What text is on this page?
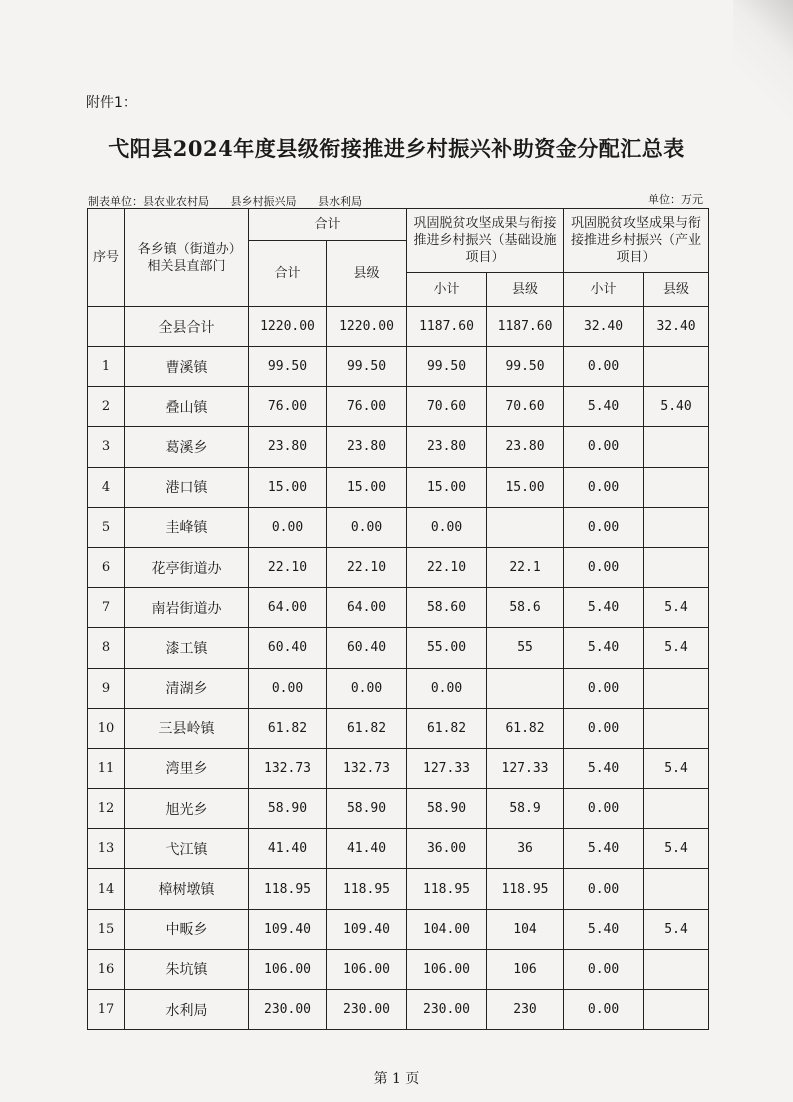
附件1：
弋阳县2024年度县级衔接推进乡村振兴补助资金分配汇总表
制表单位：县农业农村局 县乡村振兴局 县水利局	单位：万元
序号	各乡镇（街道办）相关县直部门	合计		巩固脱贫攻坚成果与衔接推进乡村振兴（基础设施项目）		巩固脱贫攻坚成果与衔接推进乡村振兴（产业项目）	
		合计	县级				
				小计	县级	小计	县级
	全县合计	1220.00	1220.00	1187.60	1187.60	32.40	32.40
1	曹溪镇	99.50	99.50	99.50	99.50	0.00	
2	叠山镇	76.00	76.00	70.60	70.60	5.40	5.40
3	葛溪乡	23.80	23.80	23.80	23.80	0.00	
4	港口镇	15.00	15.00	15.00	15.00	0.00	
5	圭峰镇	0.00	0.00	0.00		0.00	
6	花亭街道办	22.10	22.10	22.10	22.1	0.00	
7	南岩街道办	64.00	64.00	58.60	58.6	5.40	5.4
8	漆工镇	60.40	60.40	55.00	55	5.40	5.4
9	清湖乡	0.00	0.00	0.00		0.00	
10	三县岭镇	61.82	61.82	61.82	61.82	0.00	
11	湾里乡	132.73	132.73	127.33	127.33	5.40	5.4
12	旭光乡	58.90	58.90	58.90	58.9	0.00	
13	弋江镇	41.40	41.40	36.00	36	5.40	5.4
14	樟树墩镇	118.95	118.95	118.95	118.95	0.00	
15	中畈乡	109.40	109.40	104.00	104	5.40	5.4
16	朱坑镇	106.00	106.00	106.00	106	0.00	
17	水利局	230.00	230.00	230.00	230	0.00	
第 1 页
